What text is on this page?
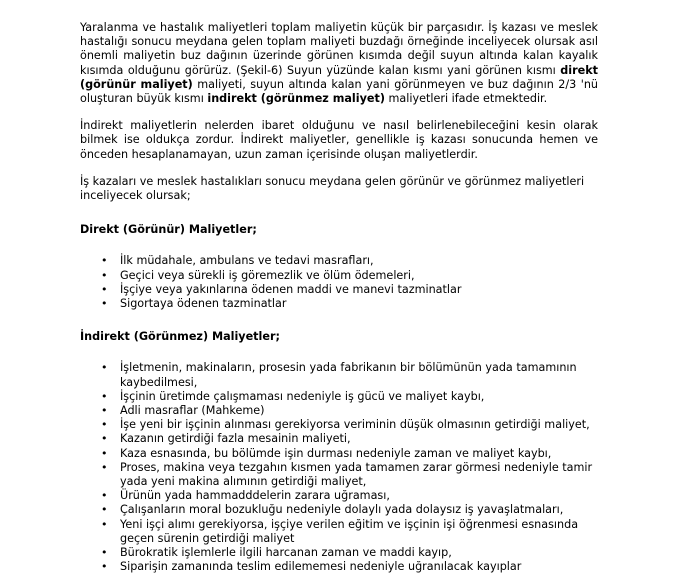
Yaralanma ve hastalık maliyetleri toplam maliyetin küçük bir parçasıdır. İş kazası ve meslek hastalığı sonucu meydana gelen toplam maliyeti buzdağı örneğinde inceliyecek olursak asıl önemli maliyetin buz dağının üzerinde görünen kısımda değil suyun altında kalan kayalık kısımda olduğunu görürüz. (Şekil-6) Suyun yüzünde kalan kısmı yani görünen kısmı direkt (görünür maliyet) maliyeti, suyun altında kalan yani görünmeyen ve buz dağının 2/3 'nü oluşturan büyük kısmı indirekt (görünmez maliyet) maliyetleri ifade etmektedir.

İndirekt maliyetlerin nelerden ibaret olduğunu ve nasıl belirlenebileceğini kesin olarak bilmek ise oldukça zordur. İndirekt maliyetler, genellikle iş kazası sonucunda hemen ve önceden hesaplanamayan, uzun zaman içerisinde oluşan maliyetlerdir.

İş kazaları ve meslek hastalıkları sonucu meydana gelen görünür ve görünmez maliyetleri inceliyecek olursak;

Direkt (Görünür) Maliyetler;
• İlk müdahale, ambulans ve tedavi masrafları,
• Geçici veya sürekli iş göremezlik ve ölüm ödemeleri,
• İşçiye veya yakınlarına ödenen maddi ve manevi tazminatlar
• Sigortaya ödenen tazminatlar
İndirekt (Görünmez) Maliyetler;
• İşletmenin, makinaların, prosesin yada fabrikanın bir bölümünün yada tamamının kaybedilmesi,
• İşçinin üretimde çalışmaması nedeniyle iş gücü ve maliyet kaybı,
• Adli masraflar (Mahkeme)
• İşe yeni bir işçinin alınması gerekiyorsa veriminin düşük olmasının getirdiği maliyet,
• Kazanın getirdiği fazla mesainin maliyeti,
• Kaza esnasında, bu bölümde işin durması nedeniyle zaman ve maliyet kaybı,
• Proses, makina veya tezgahın kısmen yada tamamen zarar görmesi nedeniyle tamir yada yeni makina alımının getirdiği maliyet,
• Ürünün yada hammadddelerin zarara uğraması,
• Çalışanların moral bozukluğu nedeniyle dolaylı yada dolaysız iş yavaşlatmaları,
• Yeni işçi alımı gerekiyorsa, işçiye verilen eğitim ve işçinin işi öğrenmesi esnasında geçen sürenin getirdiği maliyet
• Bürokratik işlemlerle ilgili harcanan zaman ve maddi kayıp,
• Siparişin zamanında teslim edilememesi nedeniyle uğranılacak kayıplar
